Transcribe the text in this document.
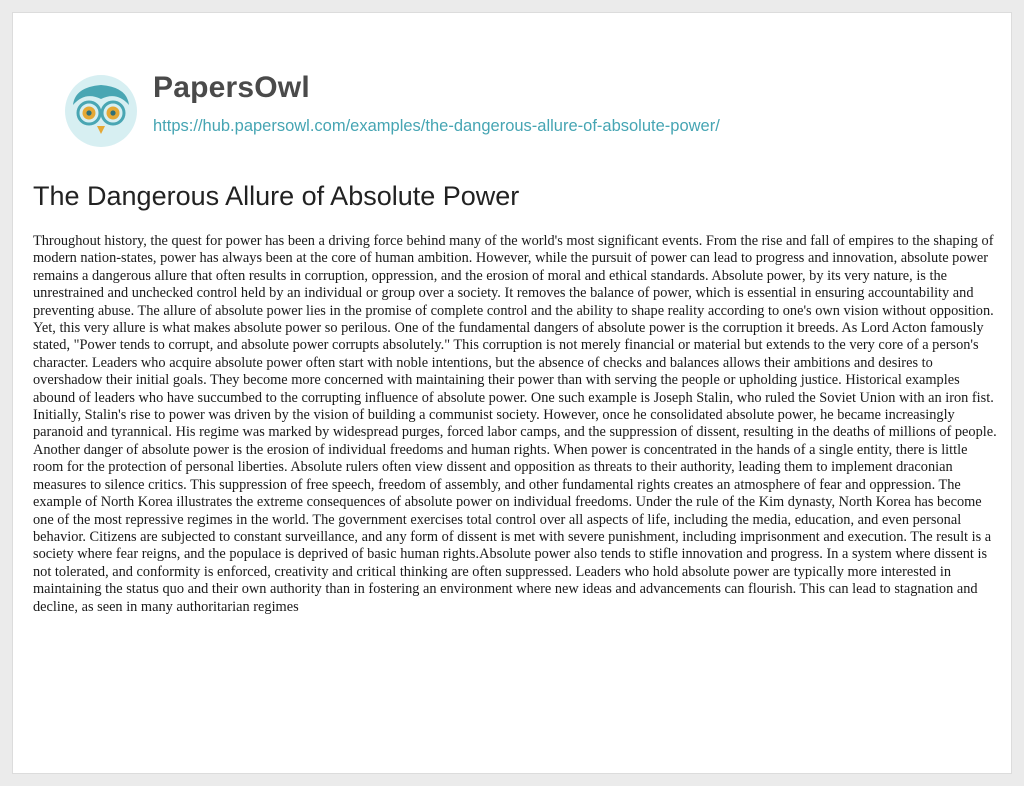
PapersOwl
https://hub.papersowl.com/examples/the-dangerous-allure-of-absolute-power/
The Dangerous Allure of Absolute Power

Throughout history, the quest for power has been a driving force behind many of the world's most significant events. From the rise and fall of empires to the shaping of modern nation-states, power has always been at the core of human ambition. However, while the pursuit of power can lead to progress and innovation, absolute power remains a dangerous allure that often results in corruption, oppression, and the erosion of moral and ethical standards. Absolute power, by its very nature, is the unrestrained and unchecked control held by an individual or group over a society. It removes the balance of power, which is essential in ensuring accountability and preventing abuse. The allure of absolute power lies in the promise of complete control and the ability to shape reality according to one's own vision without opposition. Yet, this very allure is what makes absolute power so perilous. One of the fundamental dangers of absolute power is the corruption it breeds. As Lord Acton famously stated, "Power tends to corrupt, and absolute power corrupts absolutely." This corruption is not merely financial or material but extends to the very core of a person's character. Leaders who acquire absolute power often start with noble intentions, but the absence of checks and balances allows their ambitions and desires to overshadow their initial goals. They become more concerned with maintaining their power than with serving the people or upholding justice. Historical examples abound of leaders who have succumbed to the corrupting influence of absolute power. One such example is Joseph Stalin, who ruled the Soviet Union with an iron fist. Initially, Stalin's rise to power was driven by the vision of building a communist society. However, once he consolidated absolute power, he became increasingly paranoid and tyrannical. His regime was marked by widespread purges, forced labor camps, and the suppression of dissent, resulting in the deaths of millions of people. Another danger of absolute power is the erosion of individual freedoms and human rights. When power is concentrated in the hands of a single entity, there is little room for the protection of personal liberties. Absolute rulers often view dissent and opposition as threats to their authority, leading them to implement draconian measures to silence critics. This suppression of free speech, freedom of assembly, and other fundamental rights creates an atmosphere of fear and oppression. The example of North Korea illustrates the extreme consequences of absolute power on individual freedoms. Under the rule of the Kim dynasty, North Korea has become one of the most repressive regimes in the world. The government exercises total control over all aspects of life, including the media, education, and even personal behavior. Citizens are subjected to constant surveillance, and any form of dissent is met with severe punishment, including imprisonment and execution. The result is a society where fear reigns, and the populace is deprived of basic human rights.Absolute power also tends to stifle innovation and progress. In a system where dissent is not tolerated, and conformity is enforced, creativity and critical thinking are often suppressed. Leaders who hold absolute power are typically more interested in maintaining the status quo and their own authority than in fostering an environment where new ideas and advancements can flourish. This can lead to stagnation and decline, as seen in many authoritarian regimes
